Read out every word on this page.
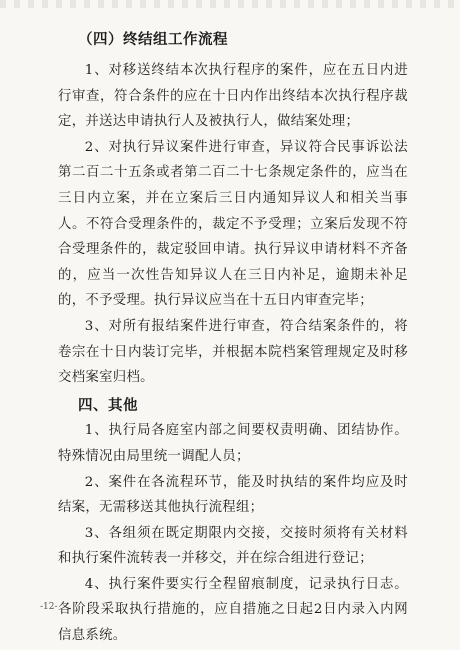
（四）终结组工作流程

1、对移送终结本次执行程序的案件，应在五日内进行审查，符合条件的应在十日内作出终结本次执行程序裁定，并送达申请执行人及被执行人，做结案处理；

2、对执行异议案件进行审查，异议符合民事诉讼法第二百二十五条或者第二百二十七条规定条件的，应当在三日内立案，并在立案后三日内通知异议人和相关当事人。不符合受理条件的，裁定不予受理；立案后发现不符合受理条件的，裁定驳回申请。执行异议申请材料不齐备的，应当一次性告知异议人在三日内补足，逾期未补足的，不予受理。执行异议应当在十五日内审查完毕；

3、对所有报结案件进行审查，符合结案条件的，将卷宗在十日内装订完毕，并根据本院档案管理规定及时移交档案室归档。

四、其他

1、执行局各庭室内部之间要权责明确、团结协作。特殊情况由局里统一调配人员；

2、案件在各流程环节，能及时执结的案件均应及时结案，无需移送其他执行流程组；

3、各组须在既定期限内交接，交接时须将有关材料和执行案件流转表一并移交，并在综合组进行登记；

4、执行案件要实行全程留痕制度，记录执行日志。各阶段采取执行措施的，应自措施之日起2日内录入内网信息系统。

-12-
